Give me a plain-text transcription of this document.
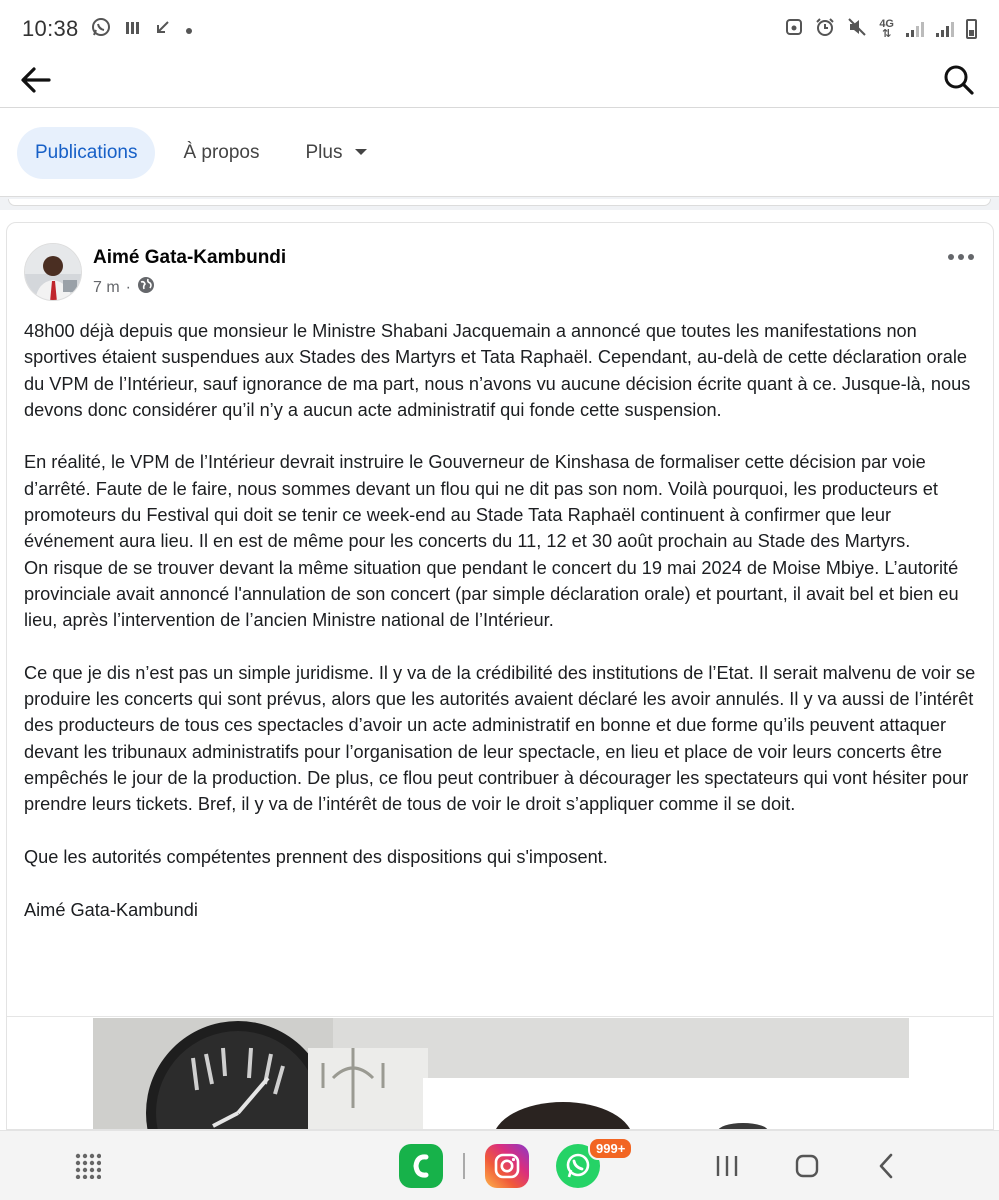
10:38	4G
⇅
Publications À propos Plus
Aimé Gata-Kambundi
7 m ·

48h00 déjà depuis que monsieur le Ministre Shabani Jacquemain a annoncé que toutes les manifestations non sportives étaient suspendues aux Stades des Martyrs et Tata Raphaël. Cependant, au-delà de cette déclaration orale du VPM de l’Intérieur, sauf ignorance de ma part, nous n’avons vu aucune décision écrite quant à ce. Jusque-là, nous devons donc considérer qu’il n’y a aucun acte administratif qui fonde cette suspension.

En réalité, le VPM de l’Intérieur devrait instruire le Gouverneur de Kinshasa de formaliser cette décision par voie d’arrêté. Faute de le faire, nous sommes devant un flou qui ne dit pas son nom. Voilà pourquoi, les producteurs et promoteurs du Festival qui doit se tenir ce week-end au Stade Tata Raphaël continuent à confirmer que leur événement aura lieu. Il en est de même pour les concerts du 11, 12 et 30 août prochain au Stade des Martyrs.

On risque de se trouver devant la même situation que pendant le concert du 19 mai 2024 de Moise Mbiye. L’autorité provinciale avait annoncé l'annulation de son concert (par simple déclaration orale) et pourtant, il avait bel et bien eu lieu, après l’intervention de l’ancien Ministre national de l’Intérieur.

Ce que je dis n’est pas un simple juridisme. Il y va de la crédibilité des institutions de l’Etat. Il serait malvenu de voir se produire les concerts qui sont prévus, alors que les autorités avaient déclaré les avoir annulés. Il y va aussi de l’intérêt des producteurs de tous ces spectacles d’avoir un acte administratif en bonne et due forme qu’ils peuvent attaquer devant les tribunaux administratifs pour l’organisation de leur spectacle, en lieu et place de voir leurs concerts être empêchés le jour de la production. De plus, ce flou peut contribuer à décourager les spectateurs qui vont hésiter pour prendre leurs tickets. Bref, il y va de l’intérêt de tous de voir le droit s’appliquer comme il se doit.

Que les autorités compétentes prennent des dispositions qui s'imposent.

Aimé Gata-Kambundi

999+
